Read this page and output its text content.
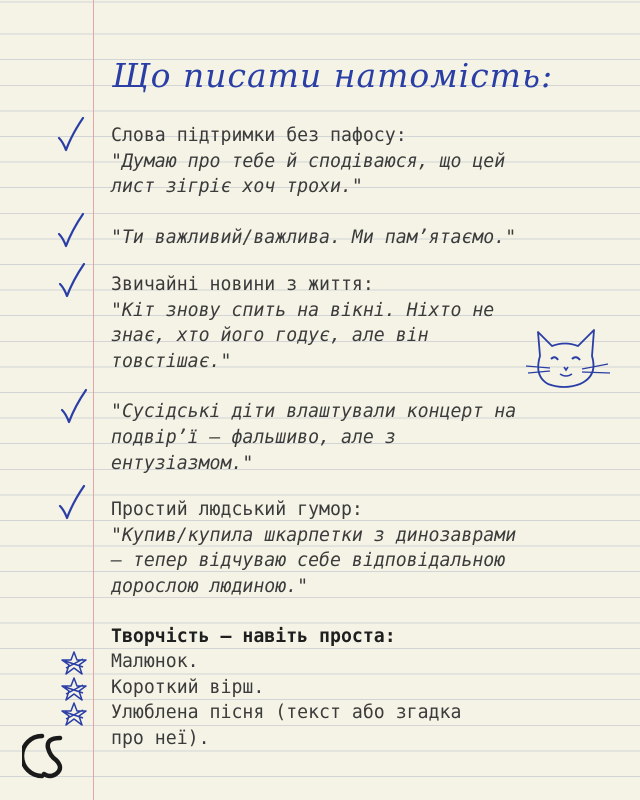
Що писати натомість:

Слова підтримки без пафосу:

"Думаю про тебе й сподіваюся, що цей

лист зігріє хоч трохи."

"Ти важливий/важлива. Ми пам’ятаємо."

Звичайні новини з життя:

"Кіт знову спить на вікні. Ніхто не

знає, хто його годує, але він

товстішає."

"Сусідські діти влаштували концерт на

подвір’ї — фальшиво, але з

ентузіазмом."

Простий людський гумор:

"Купив/купила шкарпетки з динозаврами

— тепер відчуваю себе відповідальною

дорослою людиною."

Творчість — навіть проста:

Малюнок.

Короткий вірш.

Улюблена пісня (текст або згадка

про неї).
